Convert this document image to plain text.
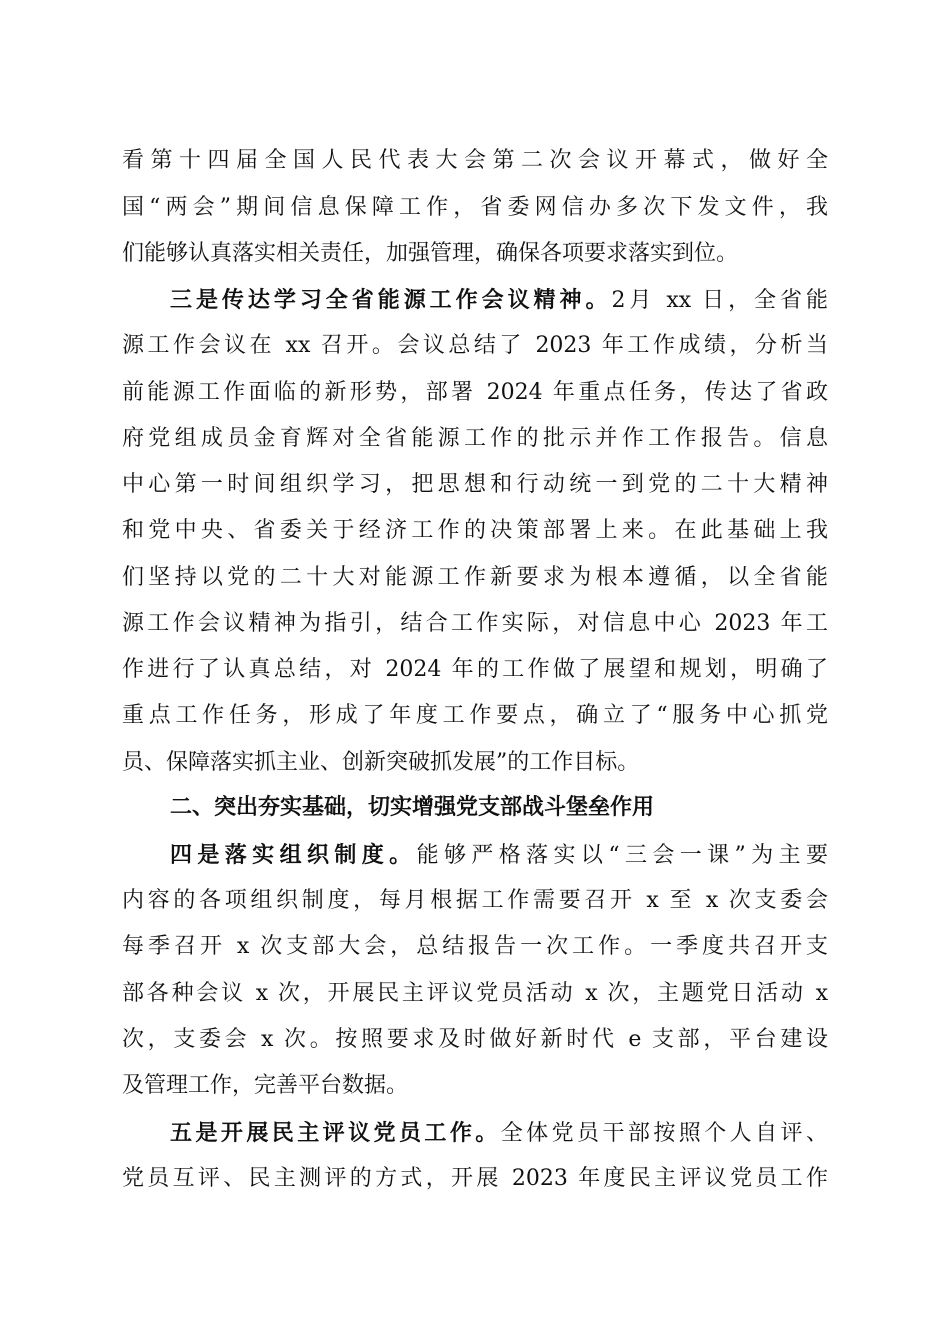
看第十四届全国人民代表大会第二次会议开幕式，做好全
国“两会”期间信息保障工作，省委网信办多次下发文件，我
们能够认真落实相关责任，加强管理，确保各项要求落实到位。
三是传达学习全省能源工作会议精神。2月 xx 日，全省能
源工作会议在 xx 召开。会议总结了 2023 年工作成绩，分析当
前能源工作面临的新形势，部署 2024 年重点任务，传达了省政
府党组成员金育辉对全省能源工作的批示并作工作报告。信息
中心第一时间组织学习，把思想和行动统一到党的二十大精神
和党中央、省委关于经济工作的决策部署上来。在此基础上我
们坚持以党的二十大对能源工作新要求为根本遵循，以全省能
源工作会议精神为指引，结合工作实际，对信息中心 2023 年工
作进行了认真总结，对 2024 年的工作做了展望和规划，明确了
重点工作任务，形成了年度工作要点，确立了“服务中心抓党
员、保障落实抓主业、创新突破抓发展”的工作目标。
二、突出夯实基础，切实增强党支部战斗堡垒作用
四是落实组织制度。能够严格落实以“三会一课”为主要
内容的各项组织制度，每月根据工作需要召开 x 至 x 次支委会
每季召开 x 次支部大会，总结报告一次工作。一季度共召开支
部各种会议 x 次，开展民主评议党员活动 x 次，主题党日活动 x
次，支委会 x 次。按照要求及时做好新时代 e 支部，平台建设
及管理工作，完善平台数据。
五是开展民主评议党员工作。全体党员干部按照个人自评、
党员互评、民主测评的方式，开展 2023 年度民主评议党员工作
